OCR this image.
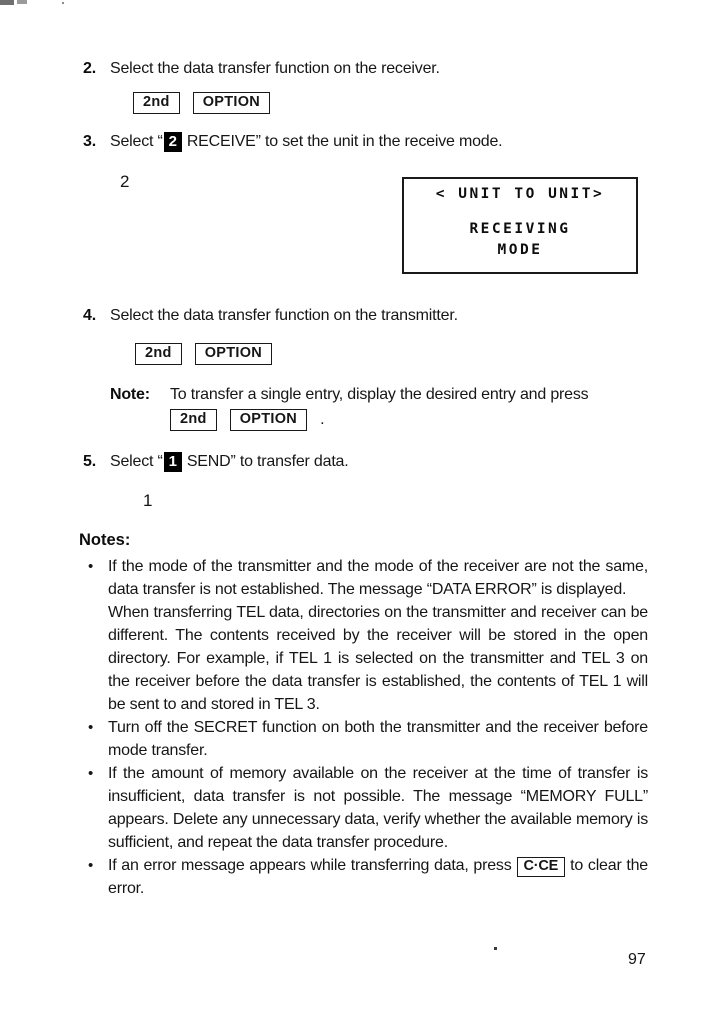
2. Select the data transfer function on the receiver.
2nd	OPTION
3. Select “ 2 RECEIVE” to set the unit in the receive mode.
2
< UNIT TO UNIT>
RECEIVING
MODE
4. Select the data transfer function on the transmitter.
2nd	OPTION
Note:	To transfer a single entry, display the desired entry and press
2nd	OPTION	.
5. Select “ 1 SEND” to transfer data.
1
Notes:
• If the mode of the transmitter and the mode of the receiver are not the same, data transfer is not established. The message “DATA ERROR” is displayed.
When transferring TEL data, directories on the transmitter and receiver can be different. The contents received by the receiver will be stored in the open directory. For example, if TEL 1 is selected on the transmitter and TEL 3 on the receiver before the data transfer is established, the contents of TEL 1 will be sent to and stored in TEL 3.
• Turn off the SECRET function on both the transmitter and the receiver before mode transfer.
• If the amount of memory available on the receiver at the time of transfer is insufficient, data transfer is not possible. The message “MEMORY FULL” appears. Delete any unnecessary data, verify whether the available memory is sufficient, and repeat the data transfer procedure.
• If an error message appears while transferring data, press C·CE to clear the error.
97
